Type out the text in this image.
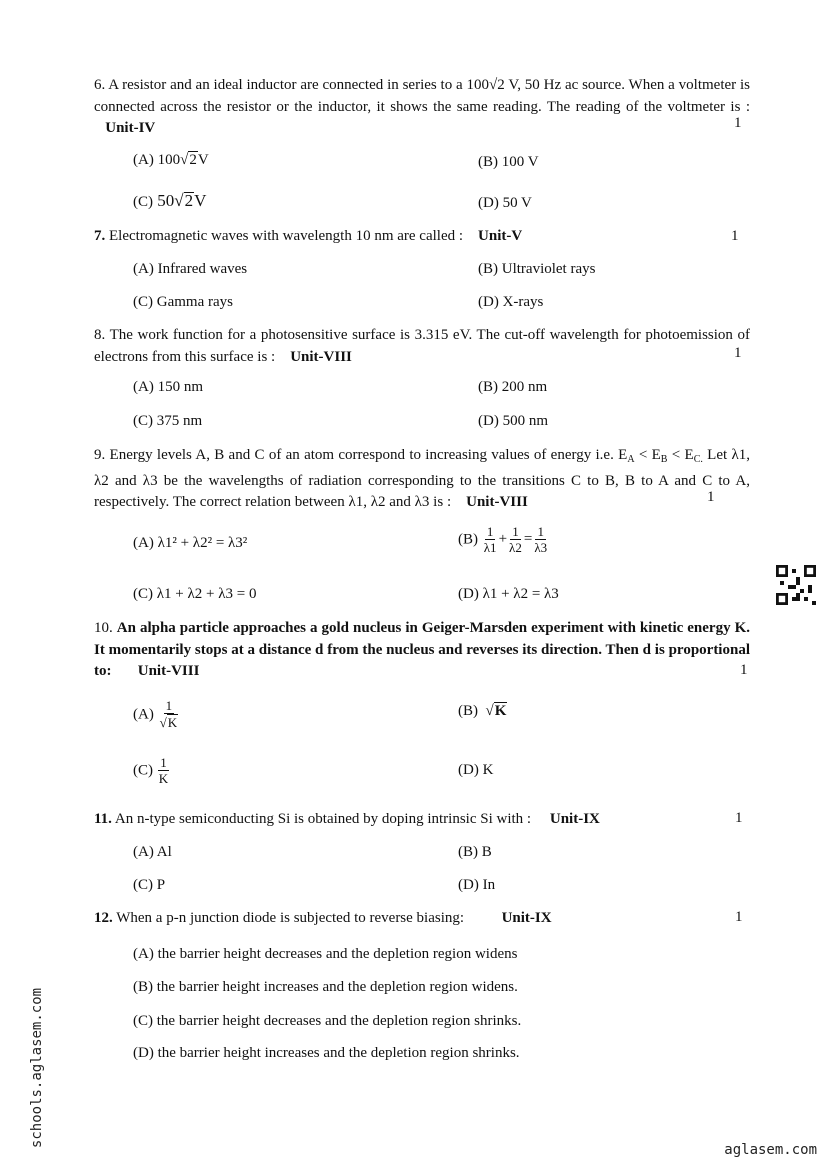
6. A resistor and an ideal inductor are connected in series to a 100√2 V, 50 Hz ac source. When a voltmeter is connected across the resistor or the inductor, it shows the same reading. The reading of the voltmeter is :    Unit-IV	1
(A) 100√2V	(B) 100 V
(C) 50√2V	(D) 50 V
7. Electromagnetic waves with wavelength 10 nm are called : Unit-V	1
(A) Infrared waves	(B) Ultraviolet rays
(C) Gamma rays	(D) X-rays
8. The work function for a photosensitive surface is 3.315 eV. The cut-off wavelength for photoemission of electrons from this surface is : Unit-VIII	1
(A) 150 nm	(B) 200 nm
(C) 375 nm	(D) 500 nm
9. Energy levels A, B and C of an atom correspond to increasing values of energy i.e. $E_A < E_B < E_{C.}$ Let λ1, λ2 and λ3 be the wavelengths of radiation corresponding to the transitions C to B, B to A and C to A, respectively. The correct relation between λ1, λ2 and λ3 is : Unit-VIII	1
(A) λ1² + λ2² = λ3²	$(B) \frac{1}{\lambda 1} + \frac{1}{\lambda 2} = \frac{1}{\lambda 3}$
(C) λ1 + λ2 + λ3 = 0	(D) λ1 + λ2 = λ3
10. An alpha particle approaches a gold nucleus in Geiger-Marsden experiment with kinetic energy K. It momentarily stops at a distance d from the nucleus and reverses its direction. Then d is proportional to: Unit-VIII	1
$(A) \frac{1}{√K}$	(B)  √K
$(C) \frac{1}{K}$	(D) K
11. An n-type semiconducting Si is obtained by doping intrinsic Si with : Unit-IX	1
(A) Al	(B) B
(C) P	(D) In
12. When a p-n junction diode is subjected to reverse biasing:	Unit-IX	1
(A) the barrier height decreases and the depletion region widens
(B) the barrier height increases and the depletion region widens.
(C) the barrier height decreases and the depletion region shrinks.
(D) the barrier height increases and the depletion region shrinks.
schools.aglasem.com
aglasem.com
